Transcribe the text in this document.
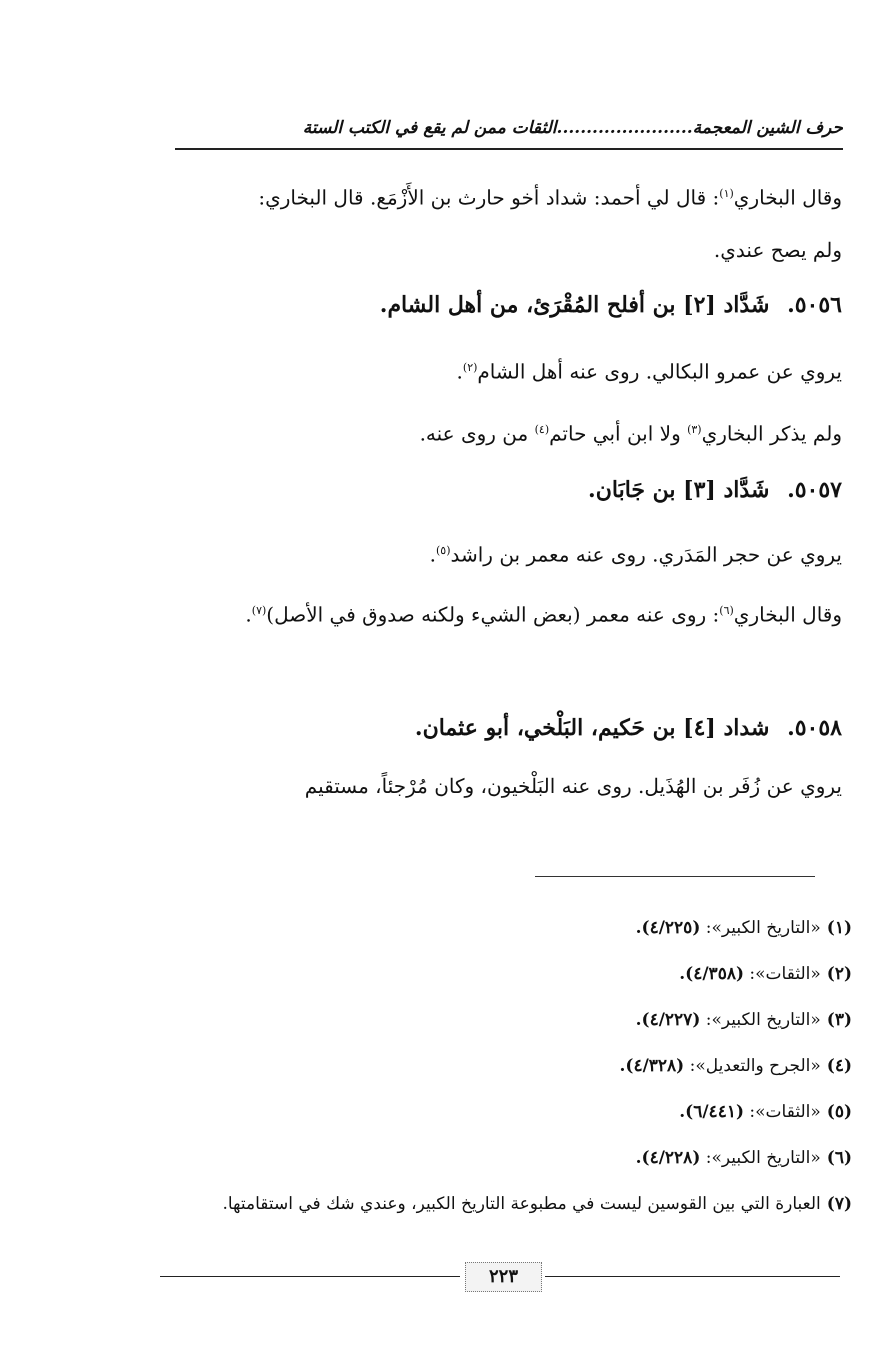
حرف الشين المعجمة.......................الثقات ممن لم يقع في الكتب الستة
وقال البخاري$^{(١)}$: قال لي أحمد: شداد أخو حارث بن الأَزْمَع. قال البخاري:
ولم يصح عندي.
٥٠٥٦. شَدَّاد [٢] بن أفلح المُقْرَئ، من أهل الشام.
يروي عن عمرو البكالي. روى عنه أهل الشام$^{(٢)}$.
ولم يذكر البخاري$^{(٣)}$ ولا ابن أبي حاتم$^{(٤)}$ من روى عنه.
٥٠٥٧. شَدَّاد [٣] بن جَابَان.
يروي عن حجر المَدَري. روى عنه معمر بن راشد$^{(٥)}$.
وقال البخاري$^{(٦)}$: روى عنه معمر (بعض الشيء ولكنه صدوق في الأصل)$^{(٧)}$.
٥٠٥٨. شداد [٤] بن حَكيم، البَلْخي، أبو عثمان.
يروي عن زُفَر بن الهُذَيل. روى عنه البَلْخيون، وكان مُرْجئاً، مستقيم
(١)«التاريخ الكبير»: (٤/٢٢٥).
(٢)«الثقات»: (٤/٣٥٨).
(٣)«التاريخ الكبير»: (٤/٢٢٧).
(٤)«الجرح والتعديل»: (٤/٣٢٨).
(٥)«الثقات»: (٦/٤٤١).
(٦)«التاريخ الكبير»: (٤/٢٢٨).
(٧)العبارة التي بين القوسين ليست في مطبوعة التاريخ الكبير، وعندي شك في استقامتها.
٢٢٣
